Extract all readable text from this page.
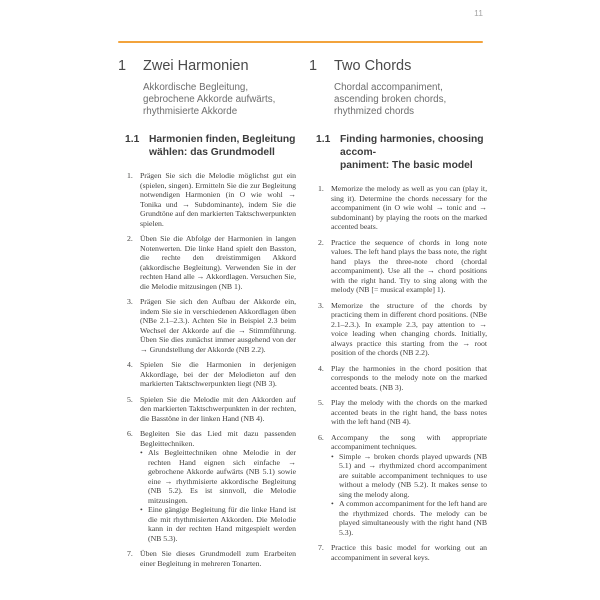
11
1	Zwei Harmonien
Akkordische Begleitung,
gebrochene Akkorde aufwärts,
rhythmisierte Akkorde
1.1 Harmonien finden, Begleitung
wählen: das Grundmodell
1. Prägen Sie sich die Melodie möglichst gut ein (spielen, singen). Ermitteln Sie die zur Begleitung notwendigen Harmonien (in O wie wohl → Tonika und → Subdominante), indem Sie die Grundtöne auf den markierten Taktschwerpunkten spielen.
2. Üben Sie die Abfolge der Harmonien in langen Notenwerten. Die linke Hand spielt den Basston, die rechte den dreistimmigen Akkord (akkordische Begleitung). Verwenden Sie in der rechten Hand alle → Akkordlagen. Versuchen Sie, die Melodie mitzusingen (NB 1).
3. Prägen Sie sich den Aufbau der Akkorde ein, indem Sie sie in verschiedenen Akkordlagen üben (NBe 2.1–2.3.). Achten Sie in Beispiel 2.3 beim Wechsel der Akkorde auf die → Stimmführung. Üben Sie dies zunächst immer ausgehend von der → Grundstellung der Akkorde (NB 2.2).
4. Spielen Sie die Harmonien in derjenigen Akkordlage, bei der der Melodieton auf den markierten Taktschwerpunkten liegt (NB 3).
5. Spielen Sie die Melodie mit den Akkorden auf den markierten Taktschwerpunkten in der rechten, die Basstöne in der linken Hand (NB 4).
6. Begleiten Sie das Lied mit dazu passenden Begleittechniken.
• Als Begleittechniken ohne Melodie in der rechten Hand eignen sich einfache → gebrochene Akkorde aufwärts (NB 5.1) sowie eine → rhythmisierte akkordische Begleitung (NB 5.2). Es ist sinnvoll, die Melodie mitzusingen.
• Eine gängige Begleitung für die linke Hand ist die mit rhythmisierten Akkorden. Die Melodie kann in der rechten Hand mitgespielt werden (NB 5.3).
7. Üben Sie dieses Grundmodell zum Erarbeiten einer Begleitung in mehreren Tonarten.
1	Two Chords
Chordal accompaniment,
ascending broken chords,
rhythmized chords
1.1 Finding harmonies, choosing accom-
paniment: The basic model
1. Memorize the melody as well as you can (play it, sing it). Determine the chords necessary for the accompaniment (in O wie wohl → tonic and → subdominant) by playing the roots on the marked accented beats.
2. Practice the sequence of chords in long note values. The left hand plays the bass note, the right hand plays the three-note chord (chordal accompaniment). Use all the → chord positions with the right hand. Try to sing along with the melody (NB [= musical example] 1).
3. Memorize the structure of the chords by practicing them in different chord positions. (NBe 2.1–2.3.). In example 2.3, pay attention to → voice leading when changing chords. Initially, always practice this starting from the → root position of the chords (NB 2.2).
4. Play the harmonies in the chord position that corresponds to the melody note on the marked accented beats. (NB 3).
5. Play the melody with the chords on the marked accented beats in the right hand, the bass notes with the left hand (NB 4).
6. Accompany the song with appropriate accompaniment techniques.
• Simple → broken chords played upwards (NB 5.1) and → rhythmized chord accompaniment are suitable accompaniment techniques to use without a melody (NB 5.2). It makes sense to sing the melody along.
• A common accompaniment for the left hand are the rhythmized chords. The melody can be played simultaneously with the right hand (NB 5.3).
7. Practice this basic model for working out an accompaniment in several keys.
